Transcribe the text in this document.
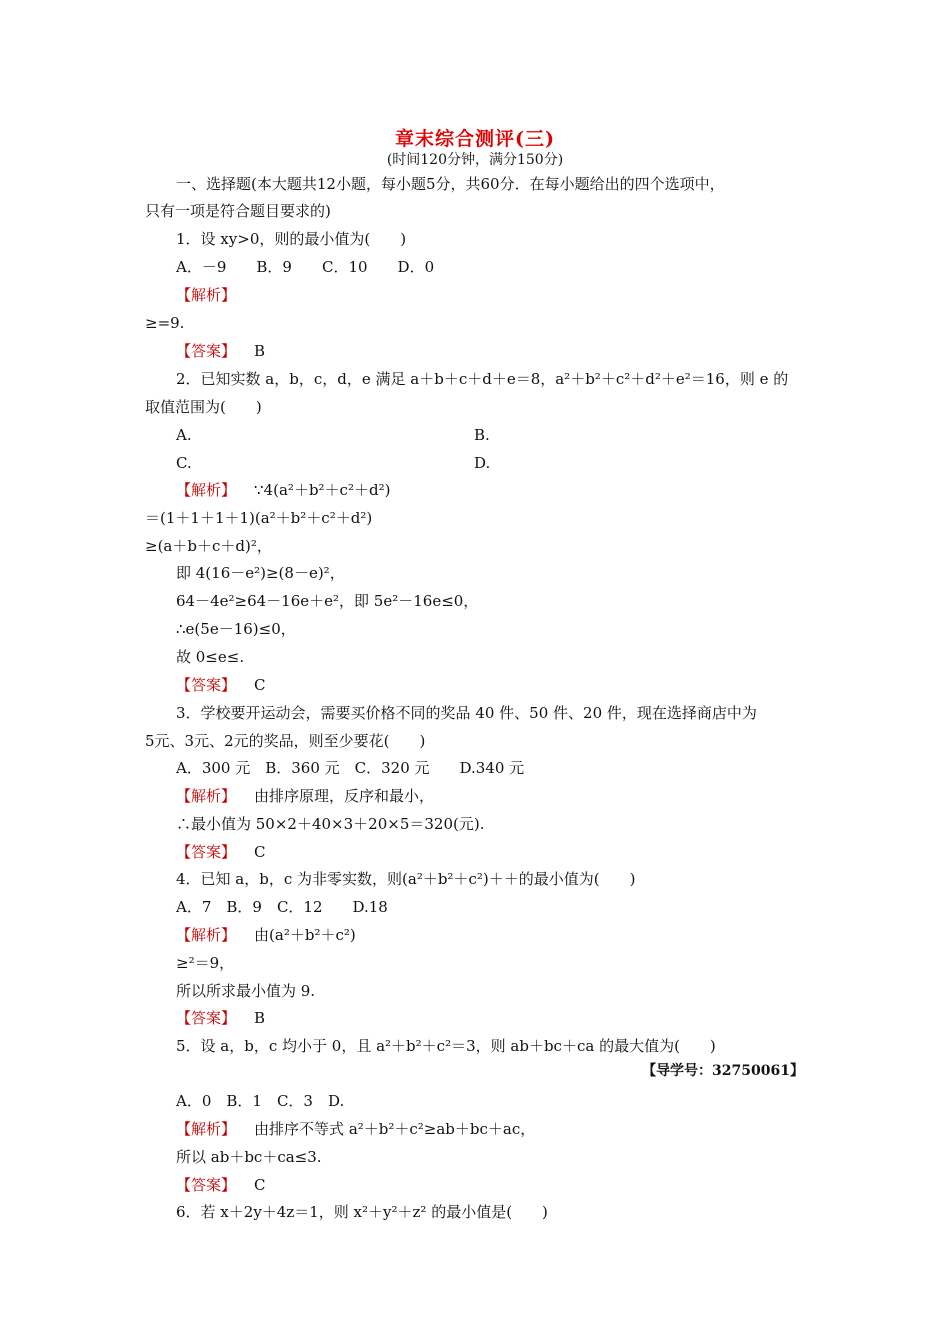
章末综合测评(三)
(时间120分钟，满分150分)
一、选择题(本大题共12小题，每小题5分，共60分．在每小题给出的四个选项中，
只有一项是符合题目要求的)
1．设 xy>0，则的最小值为(　　)
A．－9 B．9 C．10 D．0
【 解析 】
≥=9.
【 答案 】 B
2．已知实数 a，b，c，d，e 满足 a＋b＋c＋d＋e＝8，a²＋b²＋c²＋d²＋e²＝16，则 e 的
取值范围为(　　)
A.	B.
C.	D.
【 解析 】 ∵4(a²＋b²＋c²＋d²)
＝(1＋1＋1＋1)(a²＋b²＋c²＋d²)
≥(a＋b＋c＋d)²，
即 4(16－e²)≥(8－e)²，
64－4e²≥64－16e＋e²，即 5e²－16e≤0，
∴e(5e－16)≤0，
故 0≤e≤.
【 答案 】 C
3．学校要开运动会，需要买价格不同的奖品 40 件、50 件、20 件，现在选择商店中为
5元、3元、2元的奖品，则至少要花(　　)
A．300 元　B．360 元　C．320 元　　D.340 元
【 解析 】 由排序原理，反序和最小，
∴最小值为 50×2＋40×3＋20×5＝320(元).
【 答案 】 C
4．已知 a，b，c 为非零实数，则(a²＋b²＋c²)＋＋的最小值为(　　)
A．7　B．9　C．12　　D.18
【 解析 】 由(a²＋b²＋c²)
≥²＝9，
所以所求最小值为 9.
【 答案 】 B
5．设 a，b，c 均小于 0，且 a²＋b²＋c²＝3，则 ab＋bc＋ca 的最大值为(　　)
【 导学号：32750061 】
A．0　B．1　C．3　D.
【 解析 】 由排序不等式 a²＋b²＋c²≥ab＋bc＋ac，
所以 ab＋bc＋ca≤3.
【 答案 】 C
6．若 x＋2y＋4z＝1，则 x²＋y²＋z² 的最小值是(　　)
